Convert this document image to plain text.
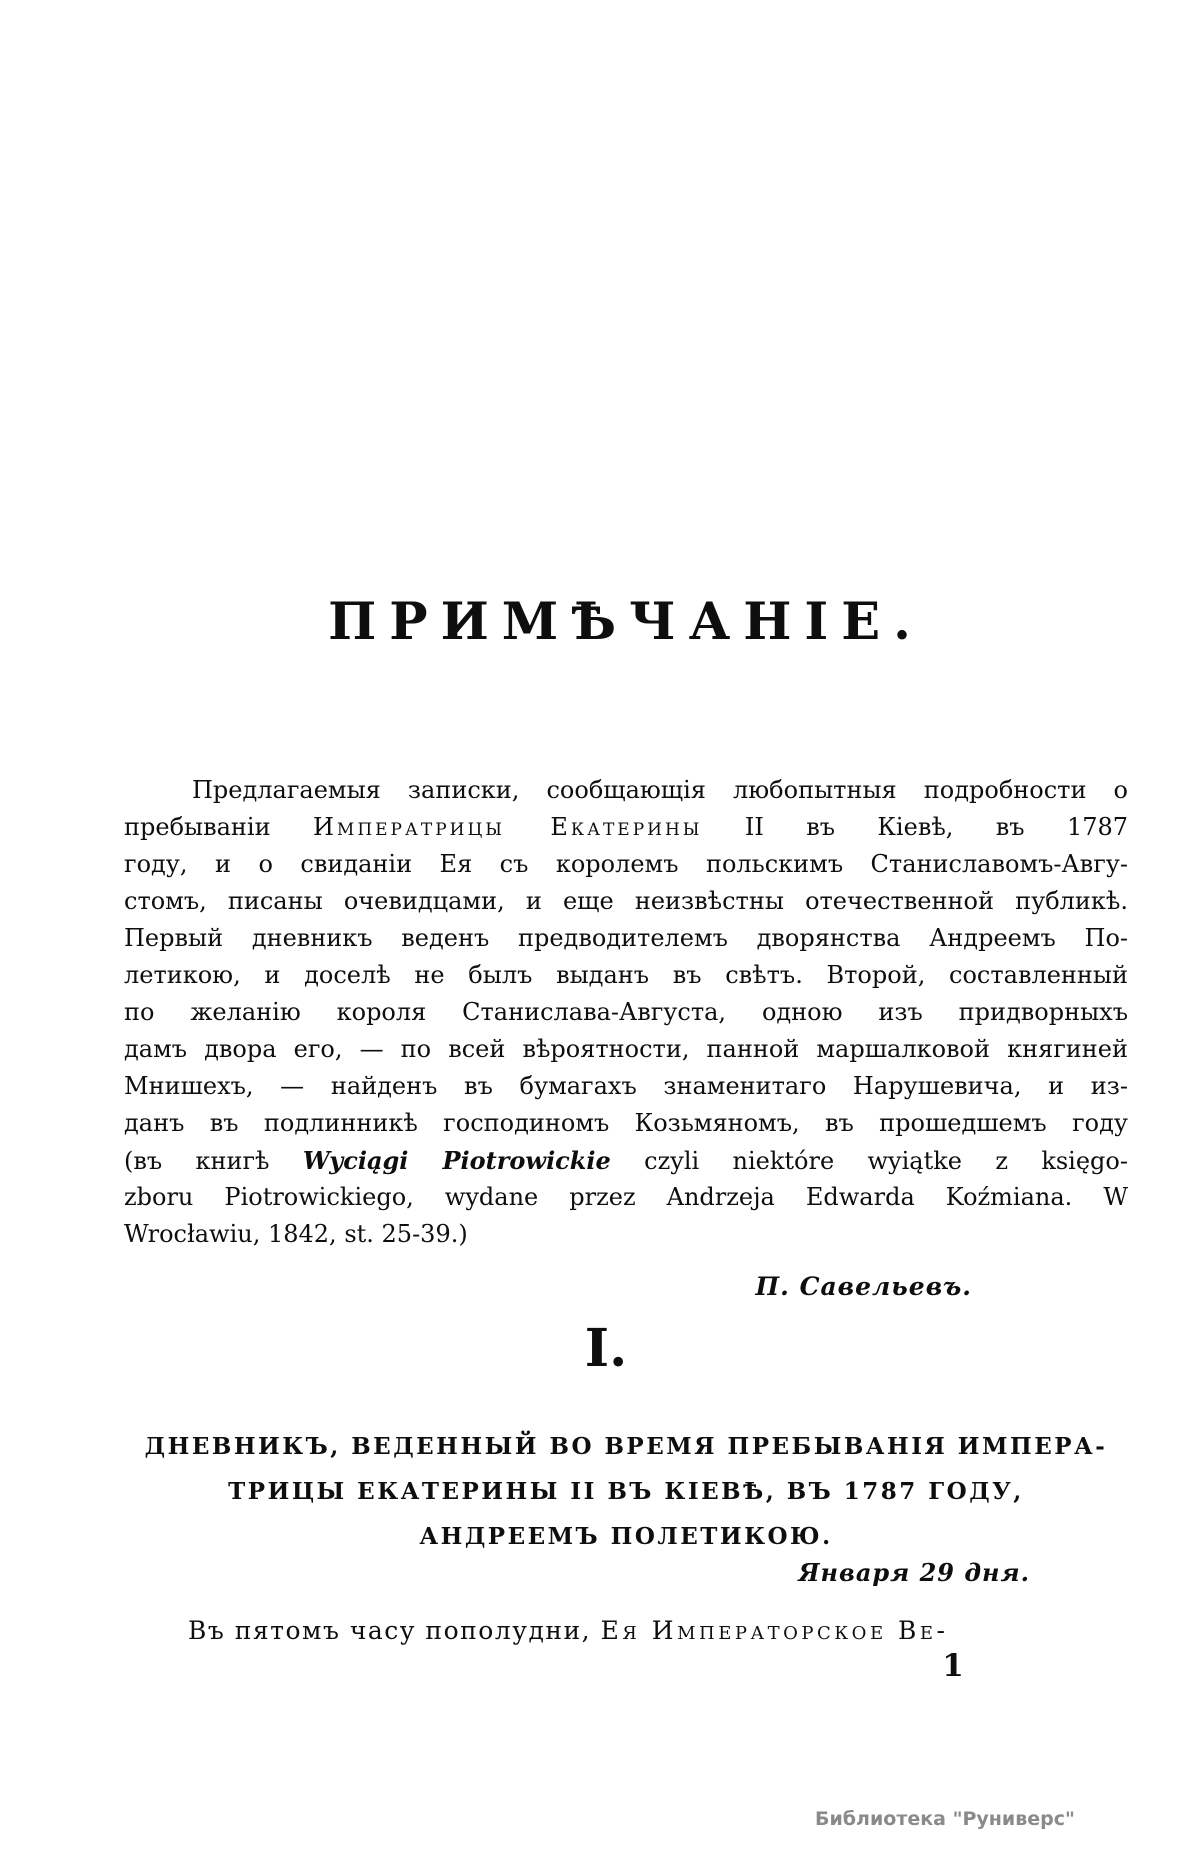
ПРИМѢЧАНІЕ.
Предлагаемыя записки, сообщающія любопытныя подробности о
пребываніи Императрицы Екатерины II въ Кіевѣ, въ 1787
году, и о свиданіи Ея съ королемъ польскимъ Станиславомъ-Авгу-
стомъ, писаны очевидцами, и еще неизвѣстны отечественной публикѣ.
Первый дневникъ веденъ предводителемъ дворянства Андреемъ По-
летикою, и доселѣ не былъ выданъ въ свѣтъ. Второй, составленный
по желанію короля Станислава-Августа, одною изъ придворныхъ
дамъ двора его, — по всей вѣроятности, панной маршалковой княгиней
Мнишехъ, — найденъ въ бумагахъ знаменитаго Нарушевича, и из-
данъ въ подлинникѣ господиномъ Козьмяномъ, въ прошедшемъ году
(въ книгѣ Wyciągi Piotrowickie czyli niektóre wyiątke z księgo-
zboru Piotrowickiego, wydane przez Andrzeja Edwarda Koźmiana. W
Wrocławiu, 1842, st. 25-39.)
П. Савельевъ.
I.
ДНЕВНИКЪ, ВЕДЕННЫЙ ВО ВРЕМЯ ПРЕБЫВАНІЯ ИМПЕРА-
ТРИЦЫ ЕКАТЕРИНЫ II ВЪ КІЕВѢ, ВЪ 1787 ГОДУ,
АНДРЕЕМЪ ПОЛЕТИКОЮ.
Января 29 дня.
Въ пятомъ часу пополудни, Ея Императорское Ве-
1
Библиотека "Руниверс"
